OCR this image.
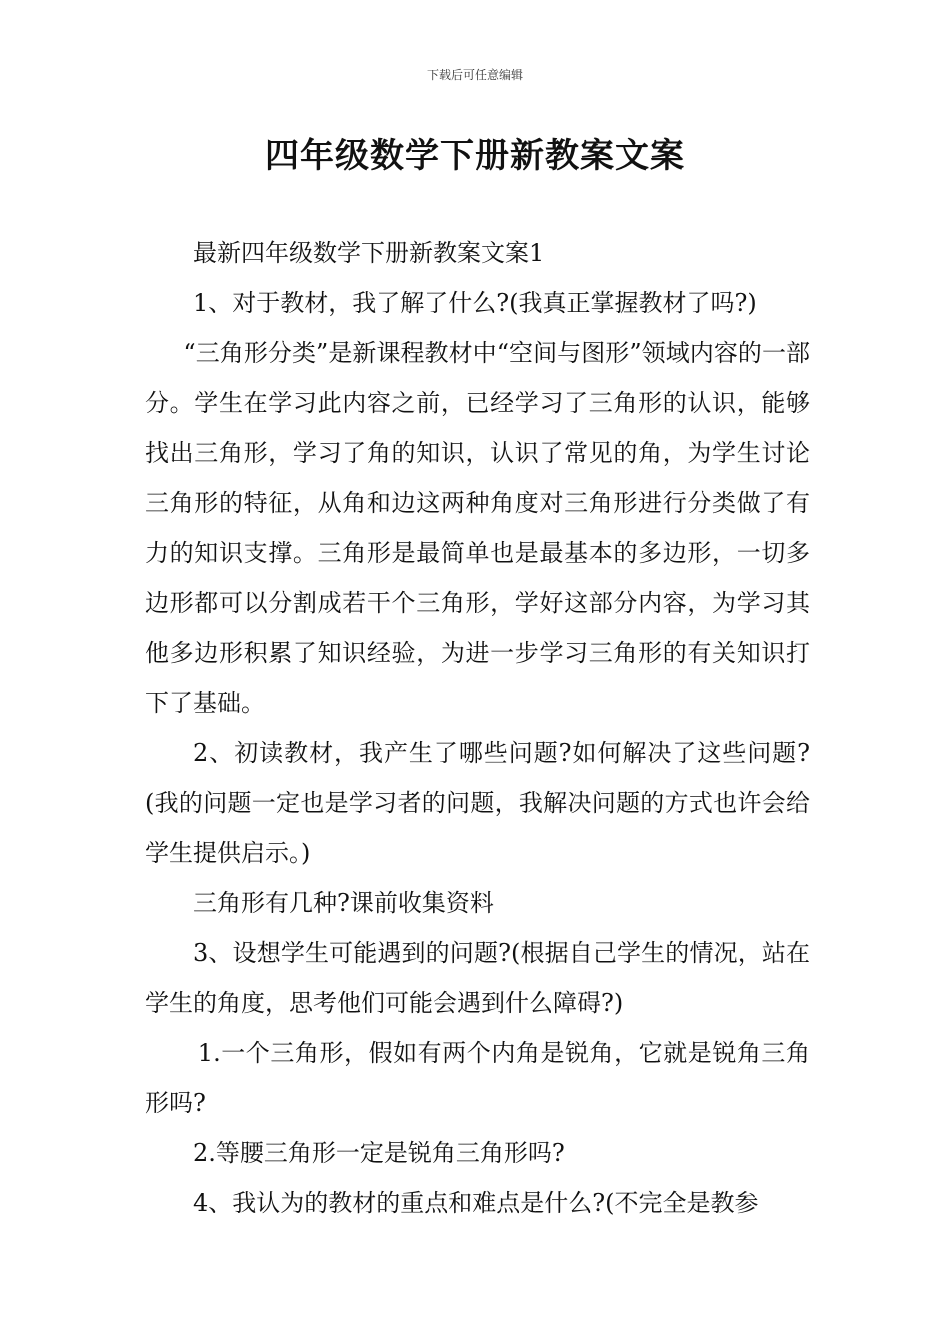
下载后可任意编辑
四年级数学下册新教案文案

最新四年级数学下册新教案文案1

1、对于教材，我了解了什么?(我真正掌握教材了吗?)

“三角形分类”是新课程教材中“空间与图形”领域内容的一部分。学生在学习此内容之前，已经学习了三角形的认识，能够找出三角形，学习了角的知识，认识了常见的角，为学生讨论三角形的特征，从角和边这两种角度对三角形进行分类做了有力的知识支撑。三角形是最简单也是最基本的多边形，一切多边形都可以分割成若干个三角形，学好这部分内容，为学习其他多边形积累了知识经验，为进一步学习三角形的有关知识打下了基础。

2、初读教材，我产生了哪些问题?如何解决了这些问题?(我的问题一定也是学习者的问题，我解决问题的方式也许会给学生提供启示。)

三角形有几种?课前收集资料

3、设想学生可能遇到的问题?(根据自己学生的情况，站在学生的角度，思考他们可能会遇到什么障碍?)

1.一个三角形，假如有两个内角是锐角，它就是锐角三角形吗?

2.等腰三角形一定是锐角三角形吗?

4、我认为的教材的重点和难点是什么?(不完全是教参
